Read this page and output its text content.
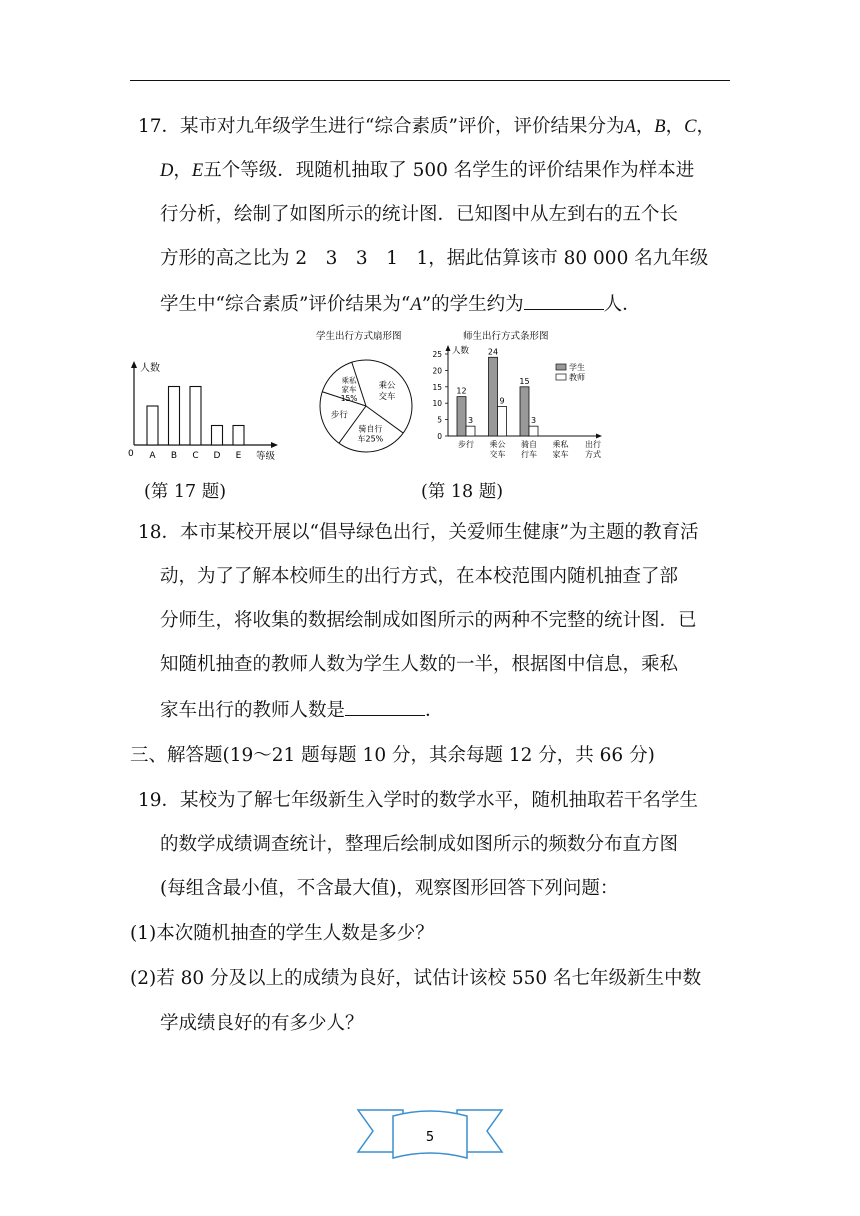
17．某市对九年级学生进行“综合素质”评价，评价结果分为A，B，C，
D，E五个等级．现随机抽取了 500 名学生的评价结果作为样本进
行分析，绘制了如图所示的统计图．已知图中从左到右的五个长
方形的高之比为 2　3　3　1　1，据此估算该市 80 000 名九年级
学生中“综合素质”评价结果为“A”的学生约为	人．
人数
0	等级
A B C D E
(第 17 题)
学生出行方式扇形图
乘私家车 15%
乘公交车
步行
骑自行车25%
师生出行方式条形图
人数
0
5
10
15
20
25
12
3
24
9
15
3
步行 乘公交车
骑自行车
乘私家车
出行方式
学生
教师
(第 18 题)
18．本市某校开展以“倡导绿色出行，关爱师生健康”为主题的教育活
动，为了了解本校师生的出行方式，在本校范围内随机抽查了部
分师生，将收集的数据绘制成如图所示的两种不完整的统计图．已
知随机抽查的教师人数为学生人数的一半，根据图中信息，乘私
家车出行的教师人数是	．
三、解答题(19～21 题每题 10 分，其余每题 12 分，共 66 分)
19．某校为了解七年级新生入学时的数学水平，随机抽取若干名学生
的数学成绩调查统计，整理后绘制成如图所示的频数分布直方图
(每组含最小值，不含最大值)，观察图形回答下列问题：
(1)本次随机抽查的学生人数是多少？
(2)若 80 分及以上的成绩为良好，试估计该校 550 名七年级新生中数
学成绩良好的有多少人？
5
